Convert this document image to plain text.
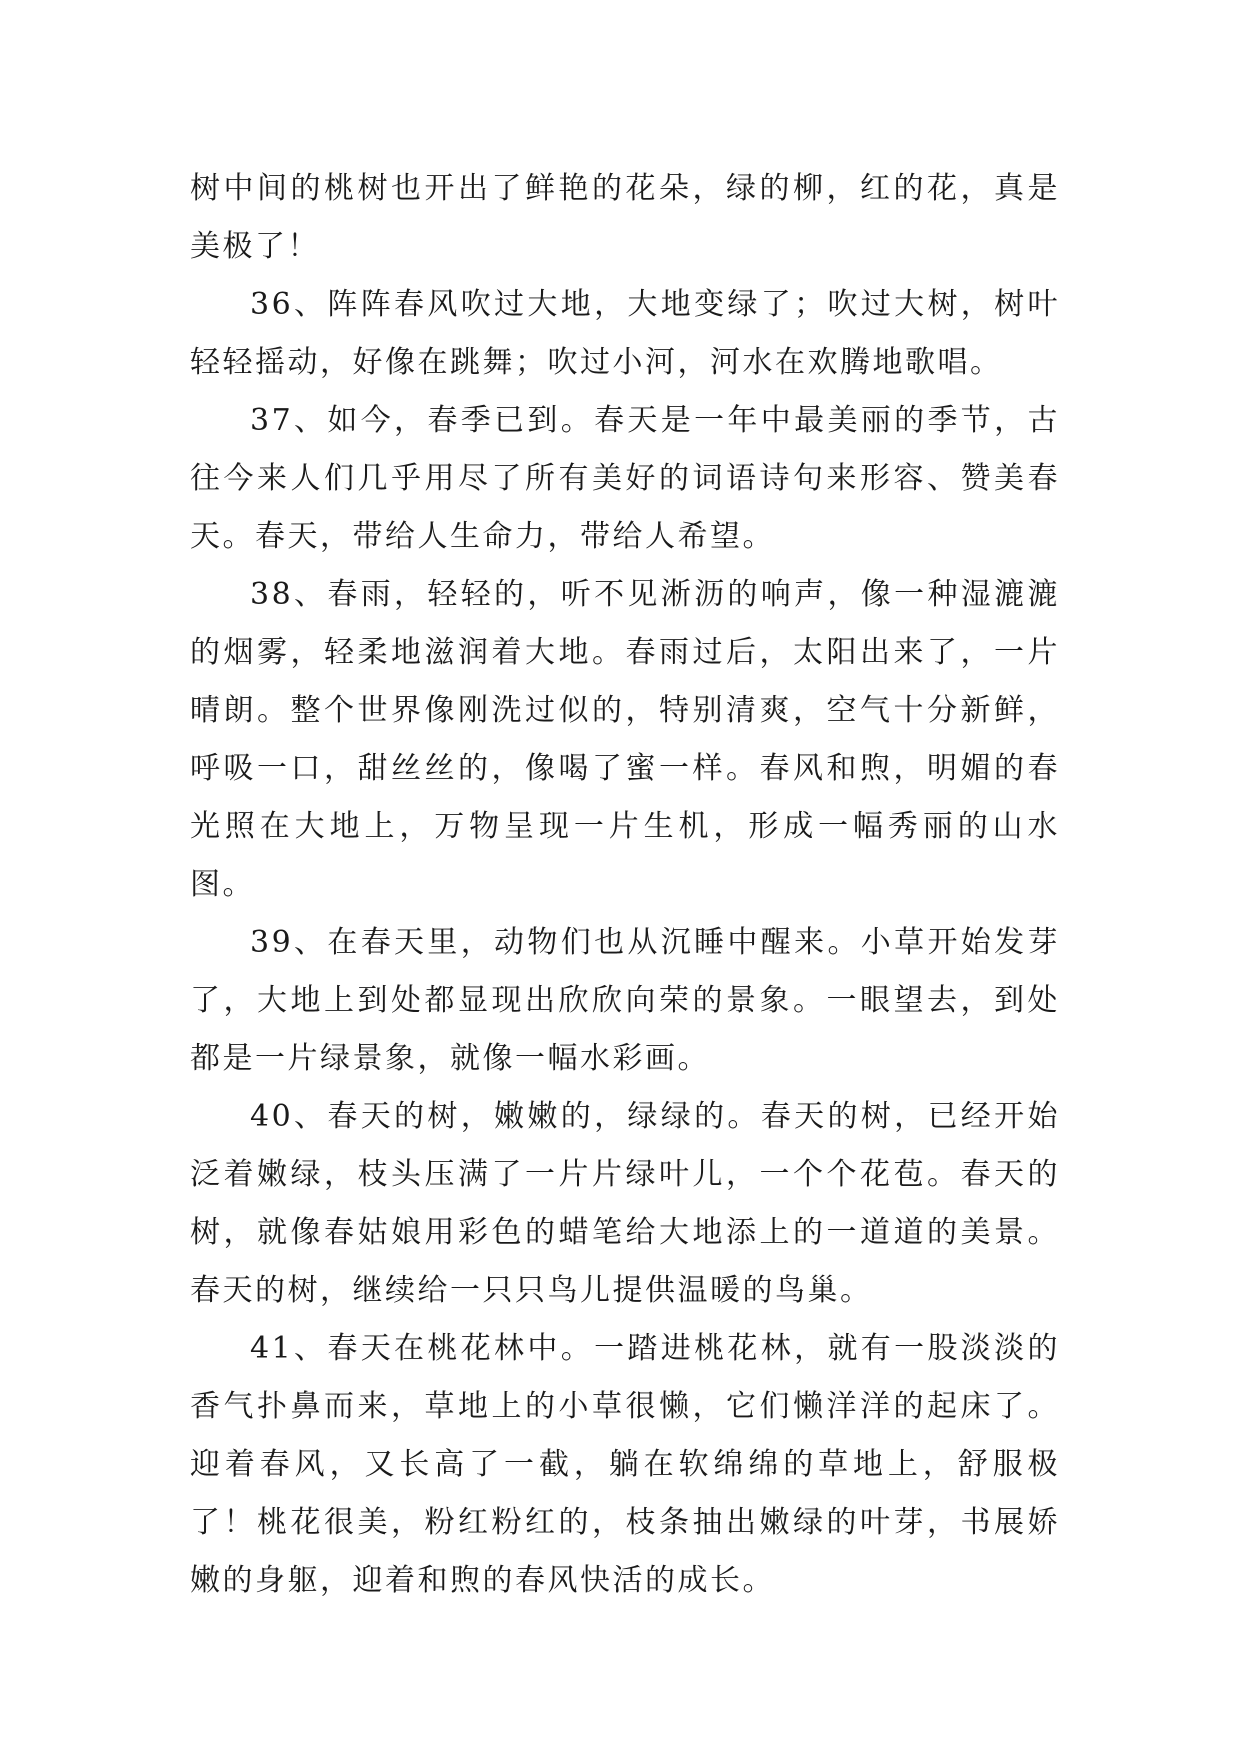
树中间的桃树也开出了鲜艳的花朵，绿的柳，红的花，真是美极了！

36、阵阵春风吹过大地，大地变绿了；吹过大树，树叶轻轻摇动，好像在跳舞；吹过小河，河水在欢腾地歌唱。

37、如今，春季已到。春天是一年中最美丽的季节，古往今来人们几乎用尽了所有美好的词语诗句来形容、赞美春天。春天，带给人生命力，带给人希望。

38、春雨，轻轻的，听不见淅沥的响声，像一种湿漉漉的烟雾，轻柔地滋润着大地。春雨过后，太阳出来了，一片晴朗。整个世界像刚洗过似的，特别清爽，空气十分新鲜，呼吸一口，甜丝丝的，像喝了蜜一样。春风和煦，明媚的春光照在大地上，万物呈现一片生机，形成一幅秀丽的山水图。

39、在春天里，动物们也从沉睡中醒来。小草开始发芽了，大地上到处都显现出欣欣向荣的景象。一眼望去，到处都是一片绿景象，就像一幅水彩画。

40、春天的树，嫩嫩的，绿绿的。春天的树，已经开始泛着嫩绿，枝头压满了一片片绿叶儿，一个个花苞。春天的树，就像春姑娘用彩色的蜡笔给大地添上的一道道的美景。春天的树，继续给一只只鸟儿提供温暖的鸟巢。

41、春天在桃花林中。一踏进桃花林，就有一股淡淡的香气扑鼻而来，草地上的小草很懒，它们懒洋洋的起床了。迎着春风，又长高了一截，躺在软绵绵的草地上，舒服极了！桃花很美，粉红粉红的，枝条抽出嫩绿的叶芽，书展娇嫩的身躯，迎着和煦的春风快活的成长。
